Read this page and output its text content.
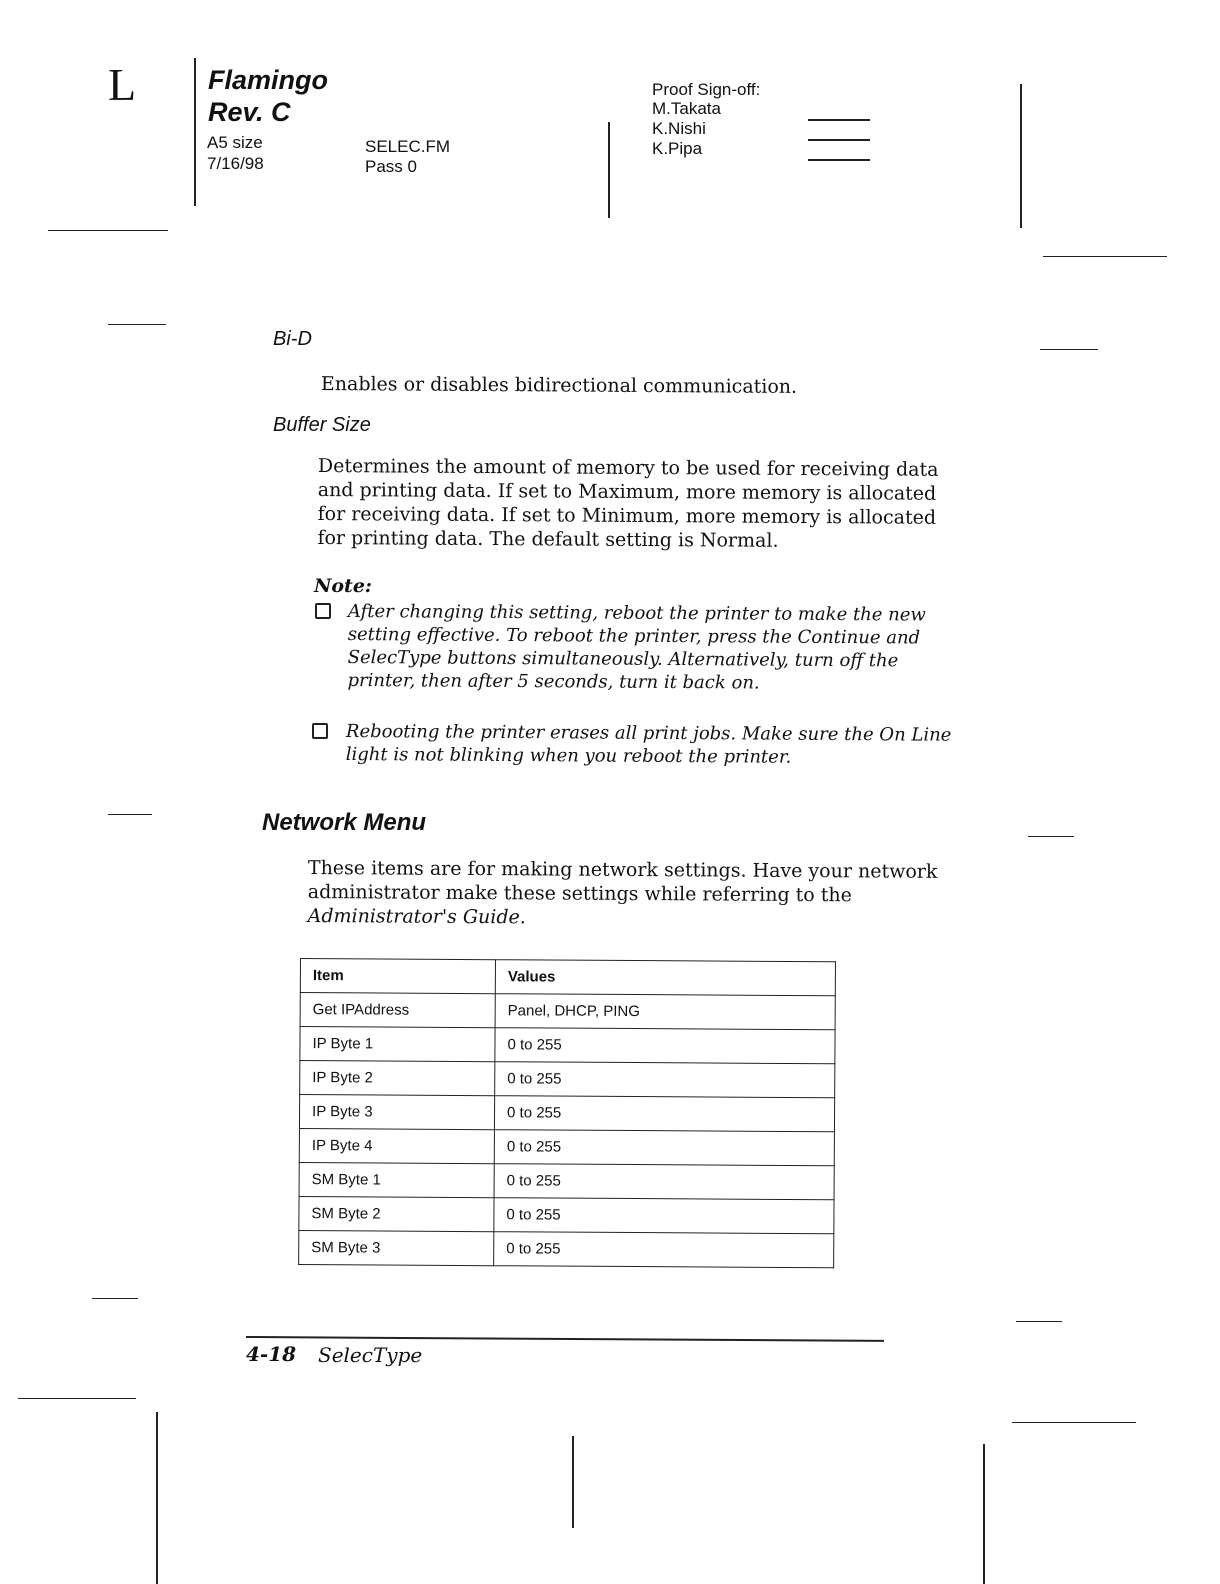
L	Flamingo
Rev. C
A5 size
7/16/98
SELEC.FM
Pass 0
Proof Sign-off:
M.Takata
K.Nishi
K.Pipa
Bi-D
Enables or disables bidirectional communication.
Buffer Size
Determines the amount of memory to be used for receiving data
and printing data. If set to Maximum, more memory is allocated
for receiving data. If set to Minimum, more memory is allocated
for printing data. The default setting is Normal.
Note:
After changing this setting, reboot the printer to make the new
setting effective. To reboot the printer, press the Continue and
SelecType buttons simultaneously. Alternatively, turn off the
printer, then after 5 seconds, turn it back on.
Rebooting the printer erases all print jobs. Make sure the On Line
light is not blinking when you reboot the printer.
Network Menu
These items are for making network settings. Have your network
administrator make these settings while referring to the
Administrator's Guide.
Item	Values
Get IPAddress	Panel, DHCP, PING
IP Byte 1	0 to 255
IP Byte 2	0 to 255
IP Byte 3	0 to 255
IP Byte 4	0 to 255
SM Byte 1	0 to 255
SM Byte 2	0 to 255
SM Byte 3	0 to 255
4-18 SelecType
